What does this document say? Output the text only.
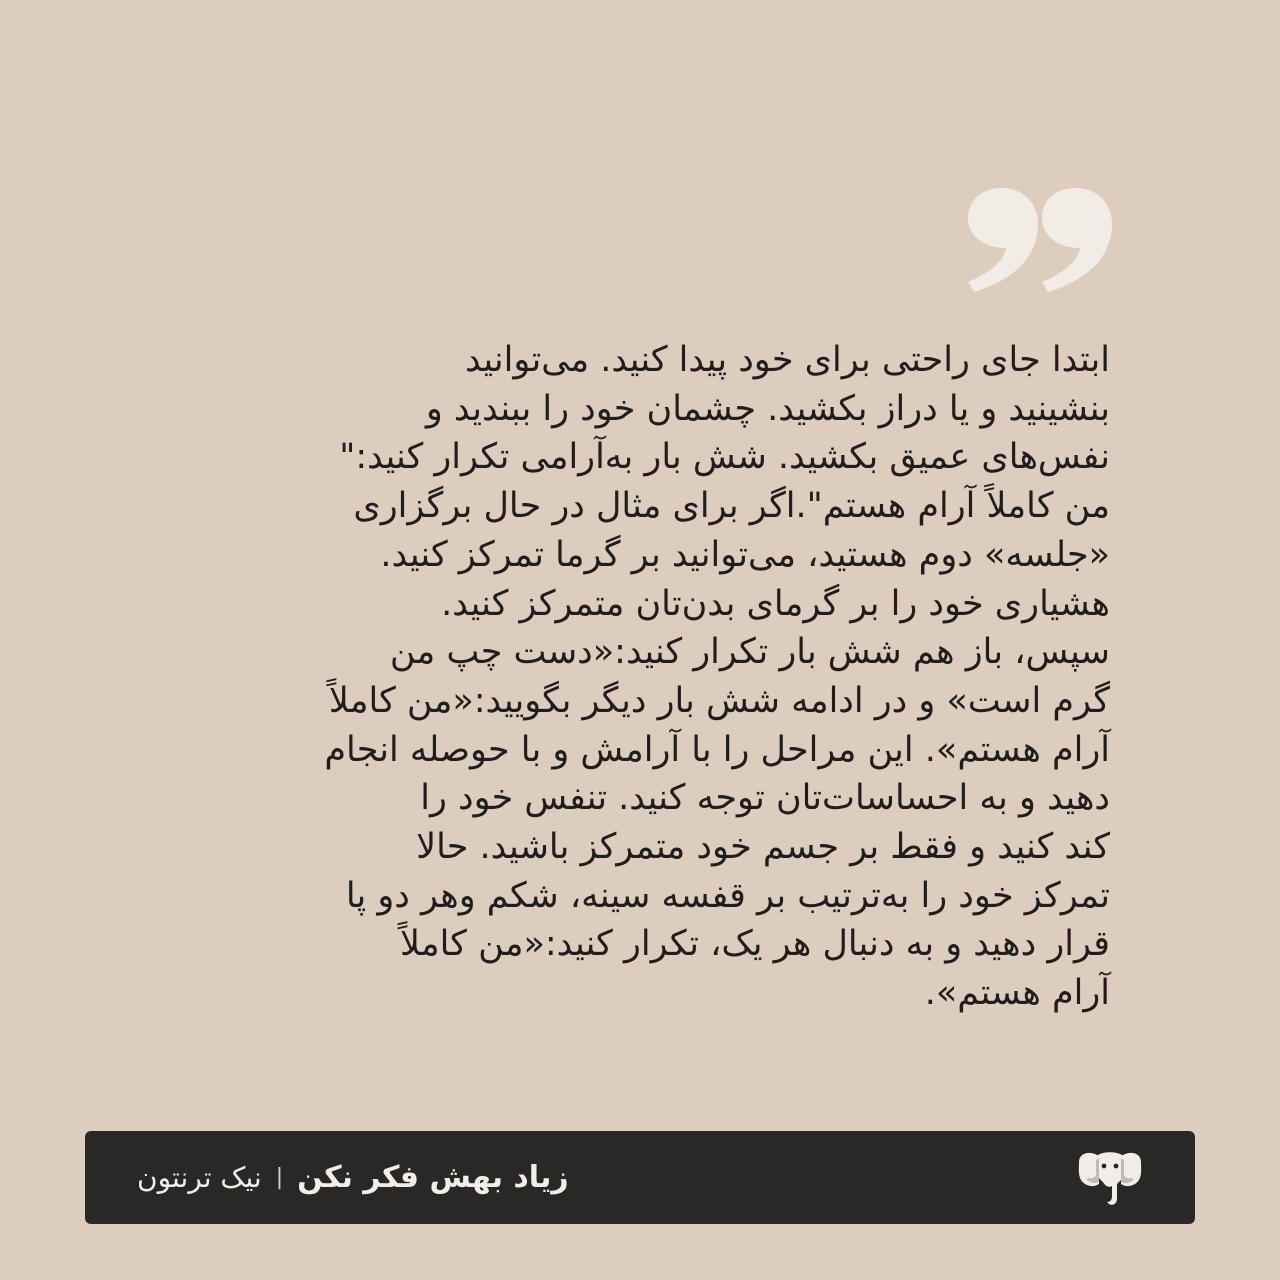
ابتدا جای راحتی برای خود پیدا کنید. می‌توانید
بنشینید و یا دراز بکشید. چشمان خود را ببندید و
نفس‌های عمیق بکشید. شش بار به‌آرامی تکرار کنید:"
من کاملاً آرام هستم".اگر برای مثال در حال برگزاری
«جلسه» دوم هستید، می‌توانید بر گرما تمرکز کنید.
هشیاری خود را بر گرمای بدن‌تان متمرکز کنید.
سپس، باز هم شش بار تکرار کنید:«دست چپ من
گرم است» و در ادامه شش بار دیگر بگویید:«من کاملاً
آرام هستم». این مراحل را با آرامش و با حوصله انجام
دهید و به احساسات‌تان توجه کنید. تنفس خود را
کند کنید و فقط بر جسم خود متمرکز باشید. حالا
تمرکز خود را به‌ترتیب بر قفسه سینه، شکم وهر دو پا
قرار دهید و به دنبال هر یک، تکرار کنید:«من کاملاً
آرام هستم».
زیاد بهش فکر نکن
|
نیک ترنتون
